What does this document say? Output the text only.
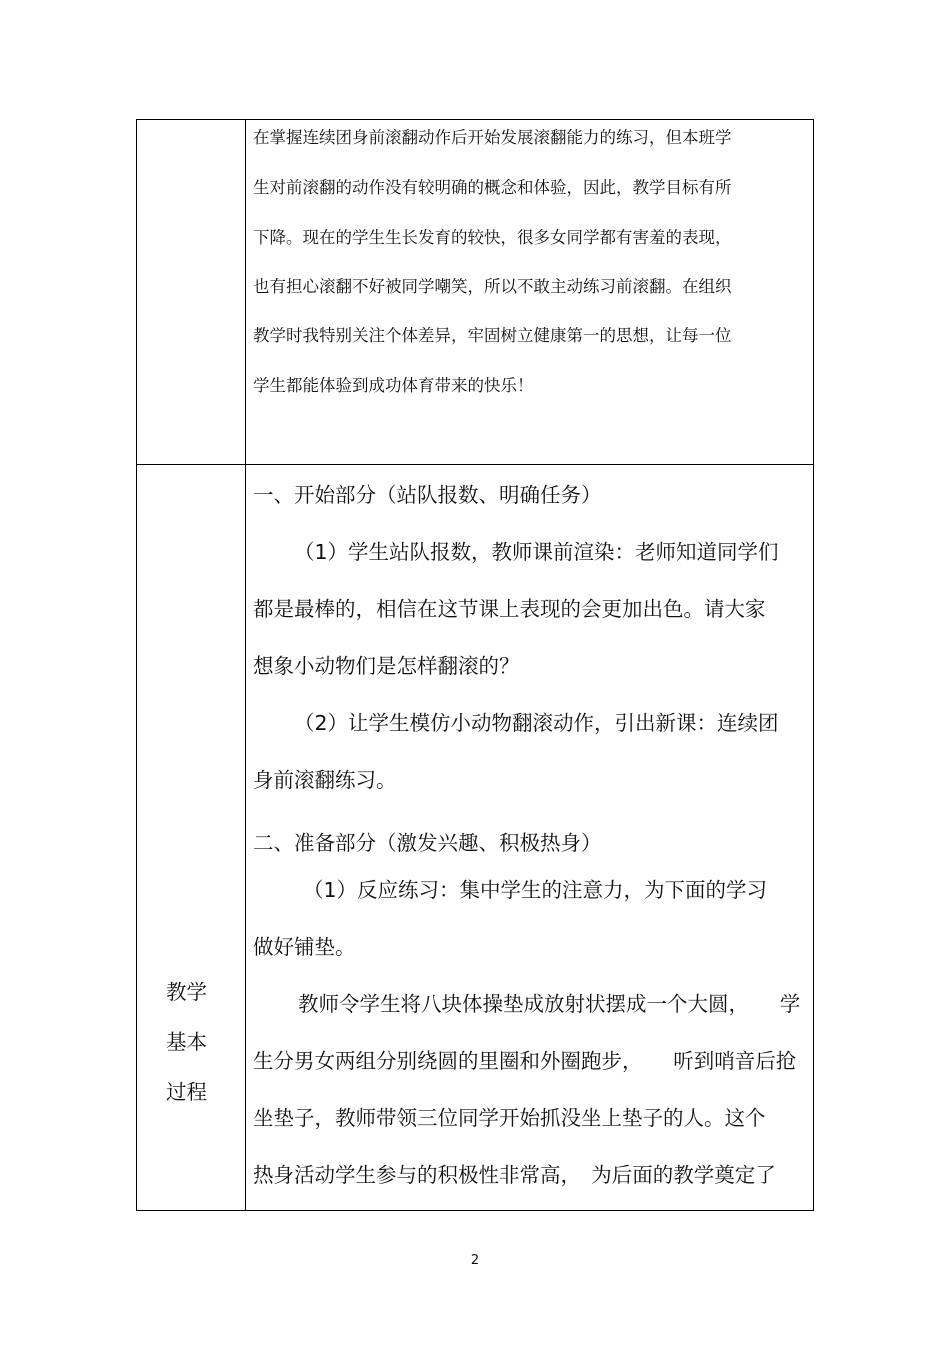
在掌握连续团身前滚翻动作后开始发展滚翻能力的练习，但本班学
生对前滚翻的动作没有较明确的概念和体验，因此，教学目标有所
下降。现在的学生生长发育的较快，很多女同学都有害羞的表现，
也有担心滚翻不好被同学嘲笑，所以不敢主动练习前滚翻。在组织
教学时我特别关注个体差异，牢固树立健康第一的思想，让每一位
学生都能体验到成功体育带来的快乐！
教学
基本
过程
一、开始部分（站队报数、明确任务）
（1）学生站队报数，教师课前渲染：老师知道同学们
都是最棒的，相信在这节课上表现的会更加出色。请大家
想象小动物们是怎样翻滚的？
（2）让学生模仿小动物翻滚动作，引出新课：连续团
身前滚翻练习。
二、准备部分（激发兴趣、积极热身）
（1）反应练习：集中学生的注意力，为下面的学习
做好铺垫。
教师令学生将八块体操垫成放射状摆成一个大圆，　　学
生分男女两组分别绕圆的里圈和外圈跑步，　　听到哨音后抢
坐垫子，教师带领三位同学开始抓没坐上垫子的人。这个
热身活动学生参与的积极性非常高，　为后面的教学奠定了
2
